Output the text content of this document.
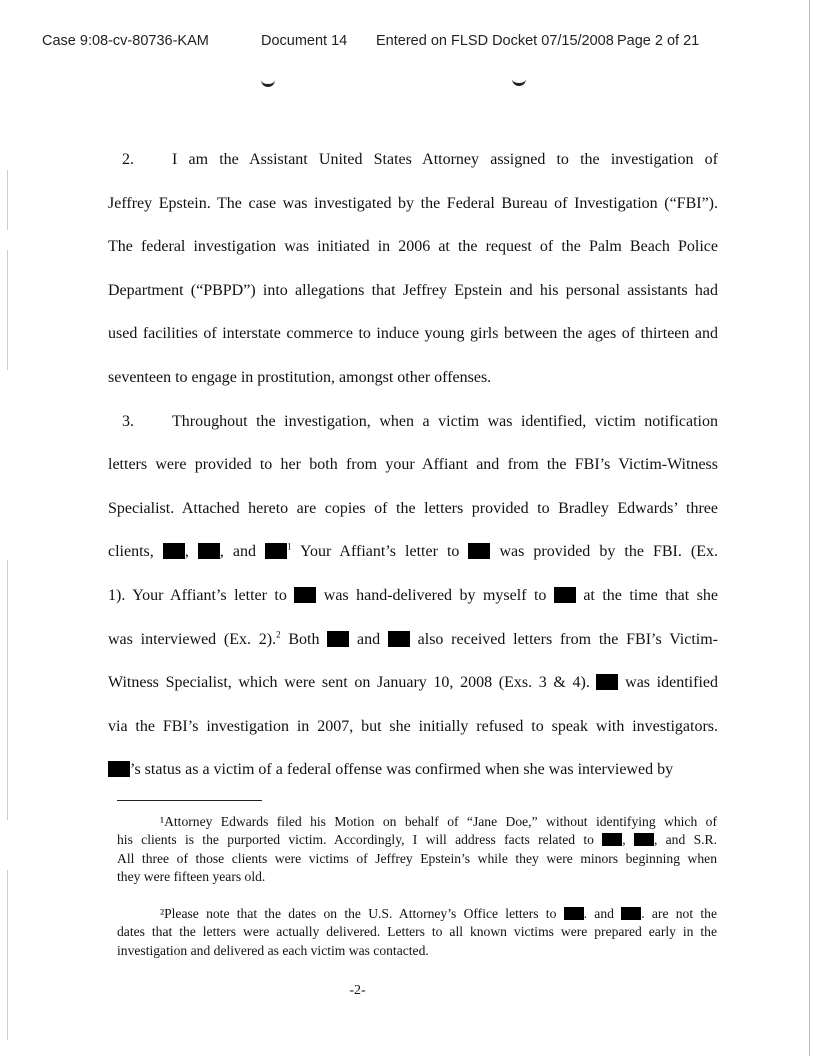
Case 9:08-cv-80736-KAM	Document 14 Entered on FLSD Docket 07/15/2008 Page 2 of 21
2. I am the Assistant United States Attorney assigned to the investigation of
Jeffrey Epstein. The case was investigated by the Federal Bureau of Investigation (“FBI”).
The federal investigation was initiated in 2006 at the request of the Palm Beach Police
Department (“PBPD”) into allegations that Jeffrey Epstein and his personal assistants had
used facilities of interstate commerce to induce young girls between the ages of thirteen and
seventeen to engage in prostitution, amongst other offenses.
3. Throughout the investigation, when a victim was identified, victim notification
letters were provided to her both from your Affiant and from the FBI’s Victim-Witness
Specialist. Attached hereto are copies of the letters provided to Bradley Edwards’ three
clients, , , and $^1$ Your Affiant’s letter to  was provided by the FBI. (Ex.
1). Your Affiant’s letter to  was hand-delivered by myself to  at the time that she
was interviewed (Ex. 2).$^2$ Both  and  also received letters from the FBI’s Victim-
Witness Specialist, which were sent on January 10, 2008 (Exs. 3 & 4).  was identified
via the FBI’s investigation in 2007, but she initially refused to speak with investigators.
’s status as a victim of a federal offense was confirmed when she was interviewed by
¹Attorney Edwards filed his Motion on behalf of “Jane Doe,” without identifying which of
his clients is the purported victim. Accordingly, I will address facts related to , , and S.R.
All three of those clients were victims of Jeffrey Epstein’s while they were minors beginning when
they were fifteen years old.
²Please note that the dates on the U.S. Attorney’s Office letters to . and . are not the
dates that the letters were actually delivered. Letters to all known victims were prepared early in the
investigation and delivered as each victim was contacted.
-2-
